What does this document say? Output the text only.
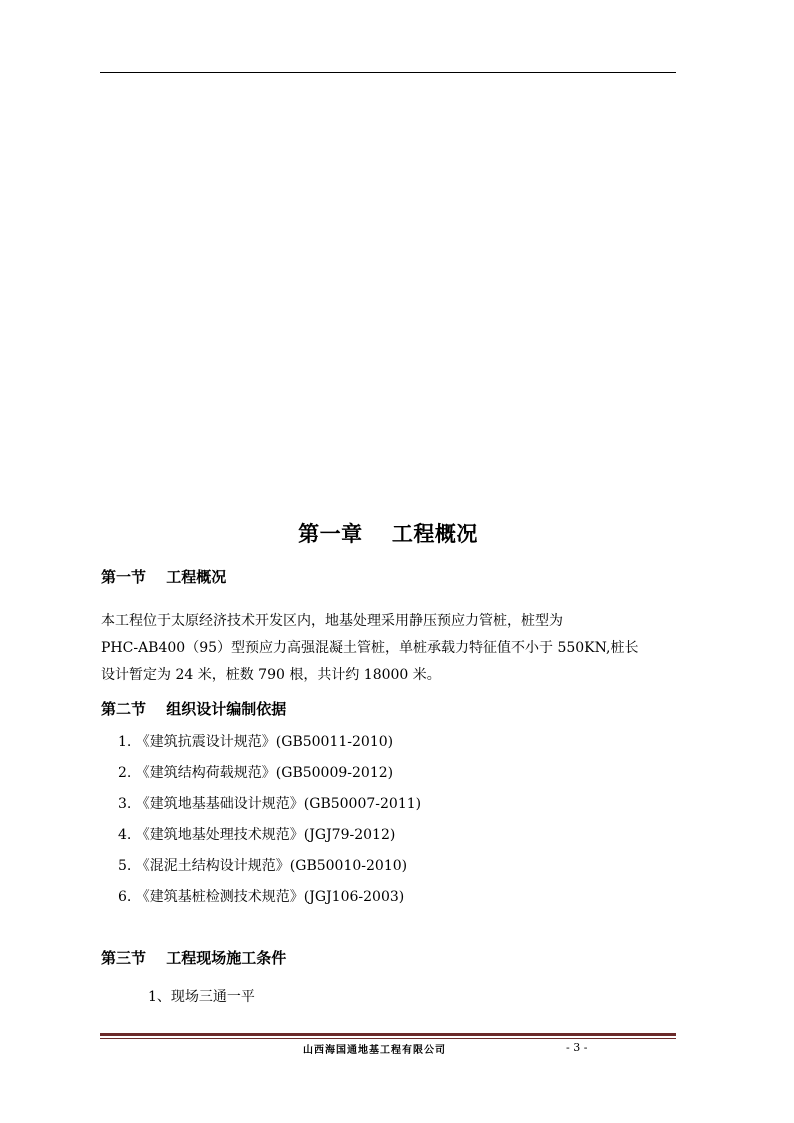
第一章　 工程概况
第一节　 工程概况
本工程位于太原经济技术开发区内，地基处理采用静压预应力管桩，桩型为
PHC-AB400（95）型预应力高强混凝土管桩，单桩承载力特征值不小于 550KN,桩长
设计暂定为 24 米，桩数 790 根，共计约 18000 米。
第二节　 组织设计编制依据
1. 《建筑抗震设计规范》(GB50011-2010)
2. 《建筑结构荷载规范》(GB50009-2012)
3. 《建筑地基基础设计规范》(GB50007-2011)
4. 《建筑地基处理技术规范》(JGJ79-2012)
5. 《混泥土结构设计规范》(GB50010-2010)
6. 《建筑基桩检测技术规范》(JGJ106-2003)
第三节　 工程现场施工条件
1、现场三通一平
山西海国通地基工程有限公司	- 3 -
